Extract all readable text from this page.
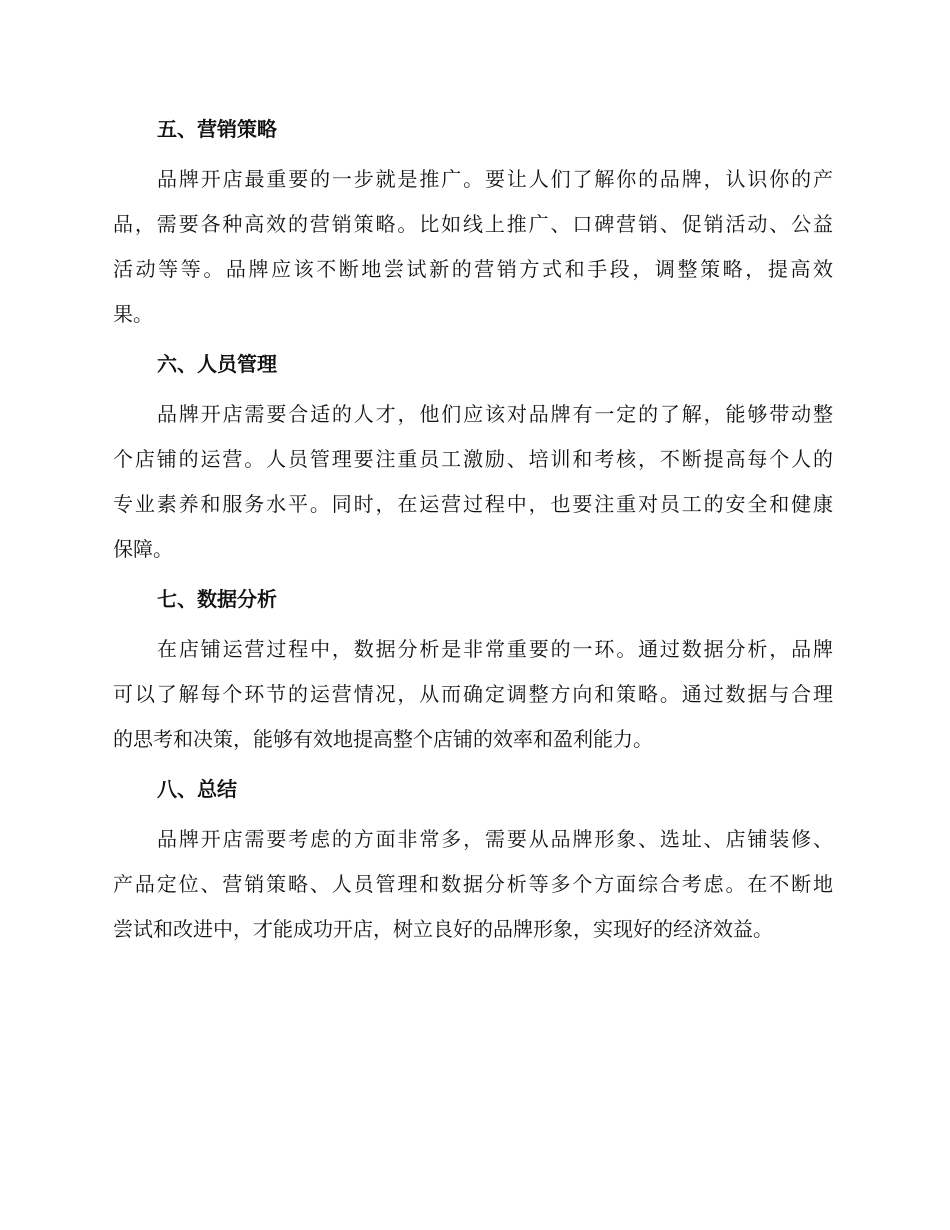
五、营销策略

品牌开店最重要的一步就是推广。要让人们了解你的品牌，认识你的产
品，需要各种高效的营销策略。比如线上推广、口碑营销、促销活动、公益
活动等等。品牌应该不断地尝试新的营销方式和手段，调整策略，提高效
果。

六、人员管理

品牌开店需要合适的人才，他们应该对品牌有一定的了解，能够带动整
个店铺的运营。人员管理要注重员工激励、培训和考核，不断提高每个人的
专业素养和服务水平。同时，在运营过程中，也要注重对员工的安全和健康
保障。

七、数据分析

在店铺运营过程中，数据分析是非常重要的一环。通过数据分析，品牌
可以了解每个环节的运营情况，从而确定调整方向和策略。通过数据与合理
的思考和决策，能够有效地提高整个店铺的效率和盈利能力。

八、总结

品牌开店需要考虑的方面非常多，需要从品牌形象、选址、店铺装修、
产品定位、营销策略、人员管理和数据分析等多个方面综合考虑。在不断地
尝试和改进中，才能成功开店，树立良好的品牌形象，实现好的经济效益。
